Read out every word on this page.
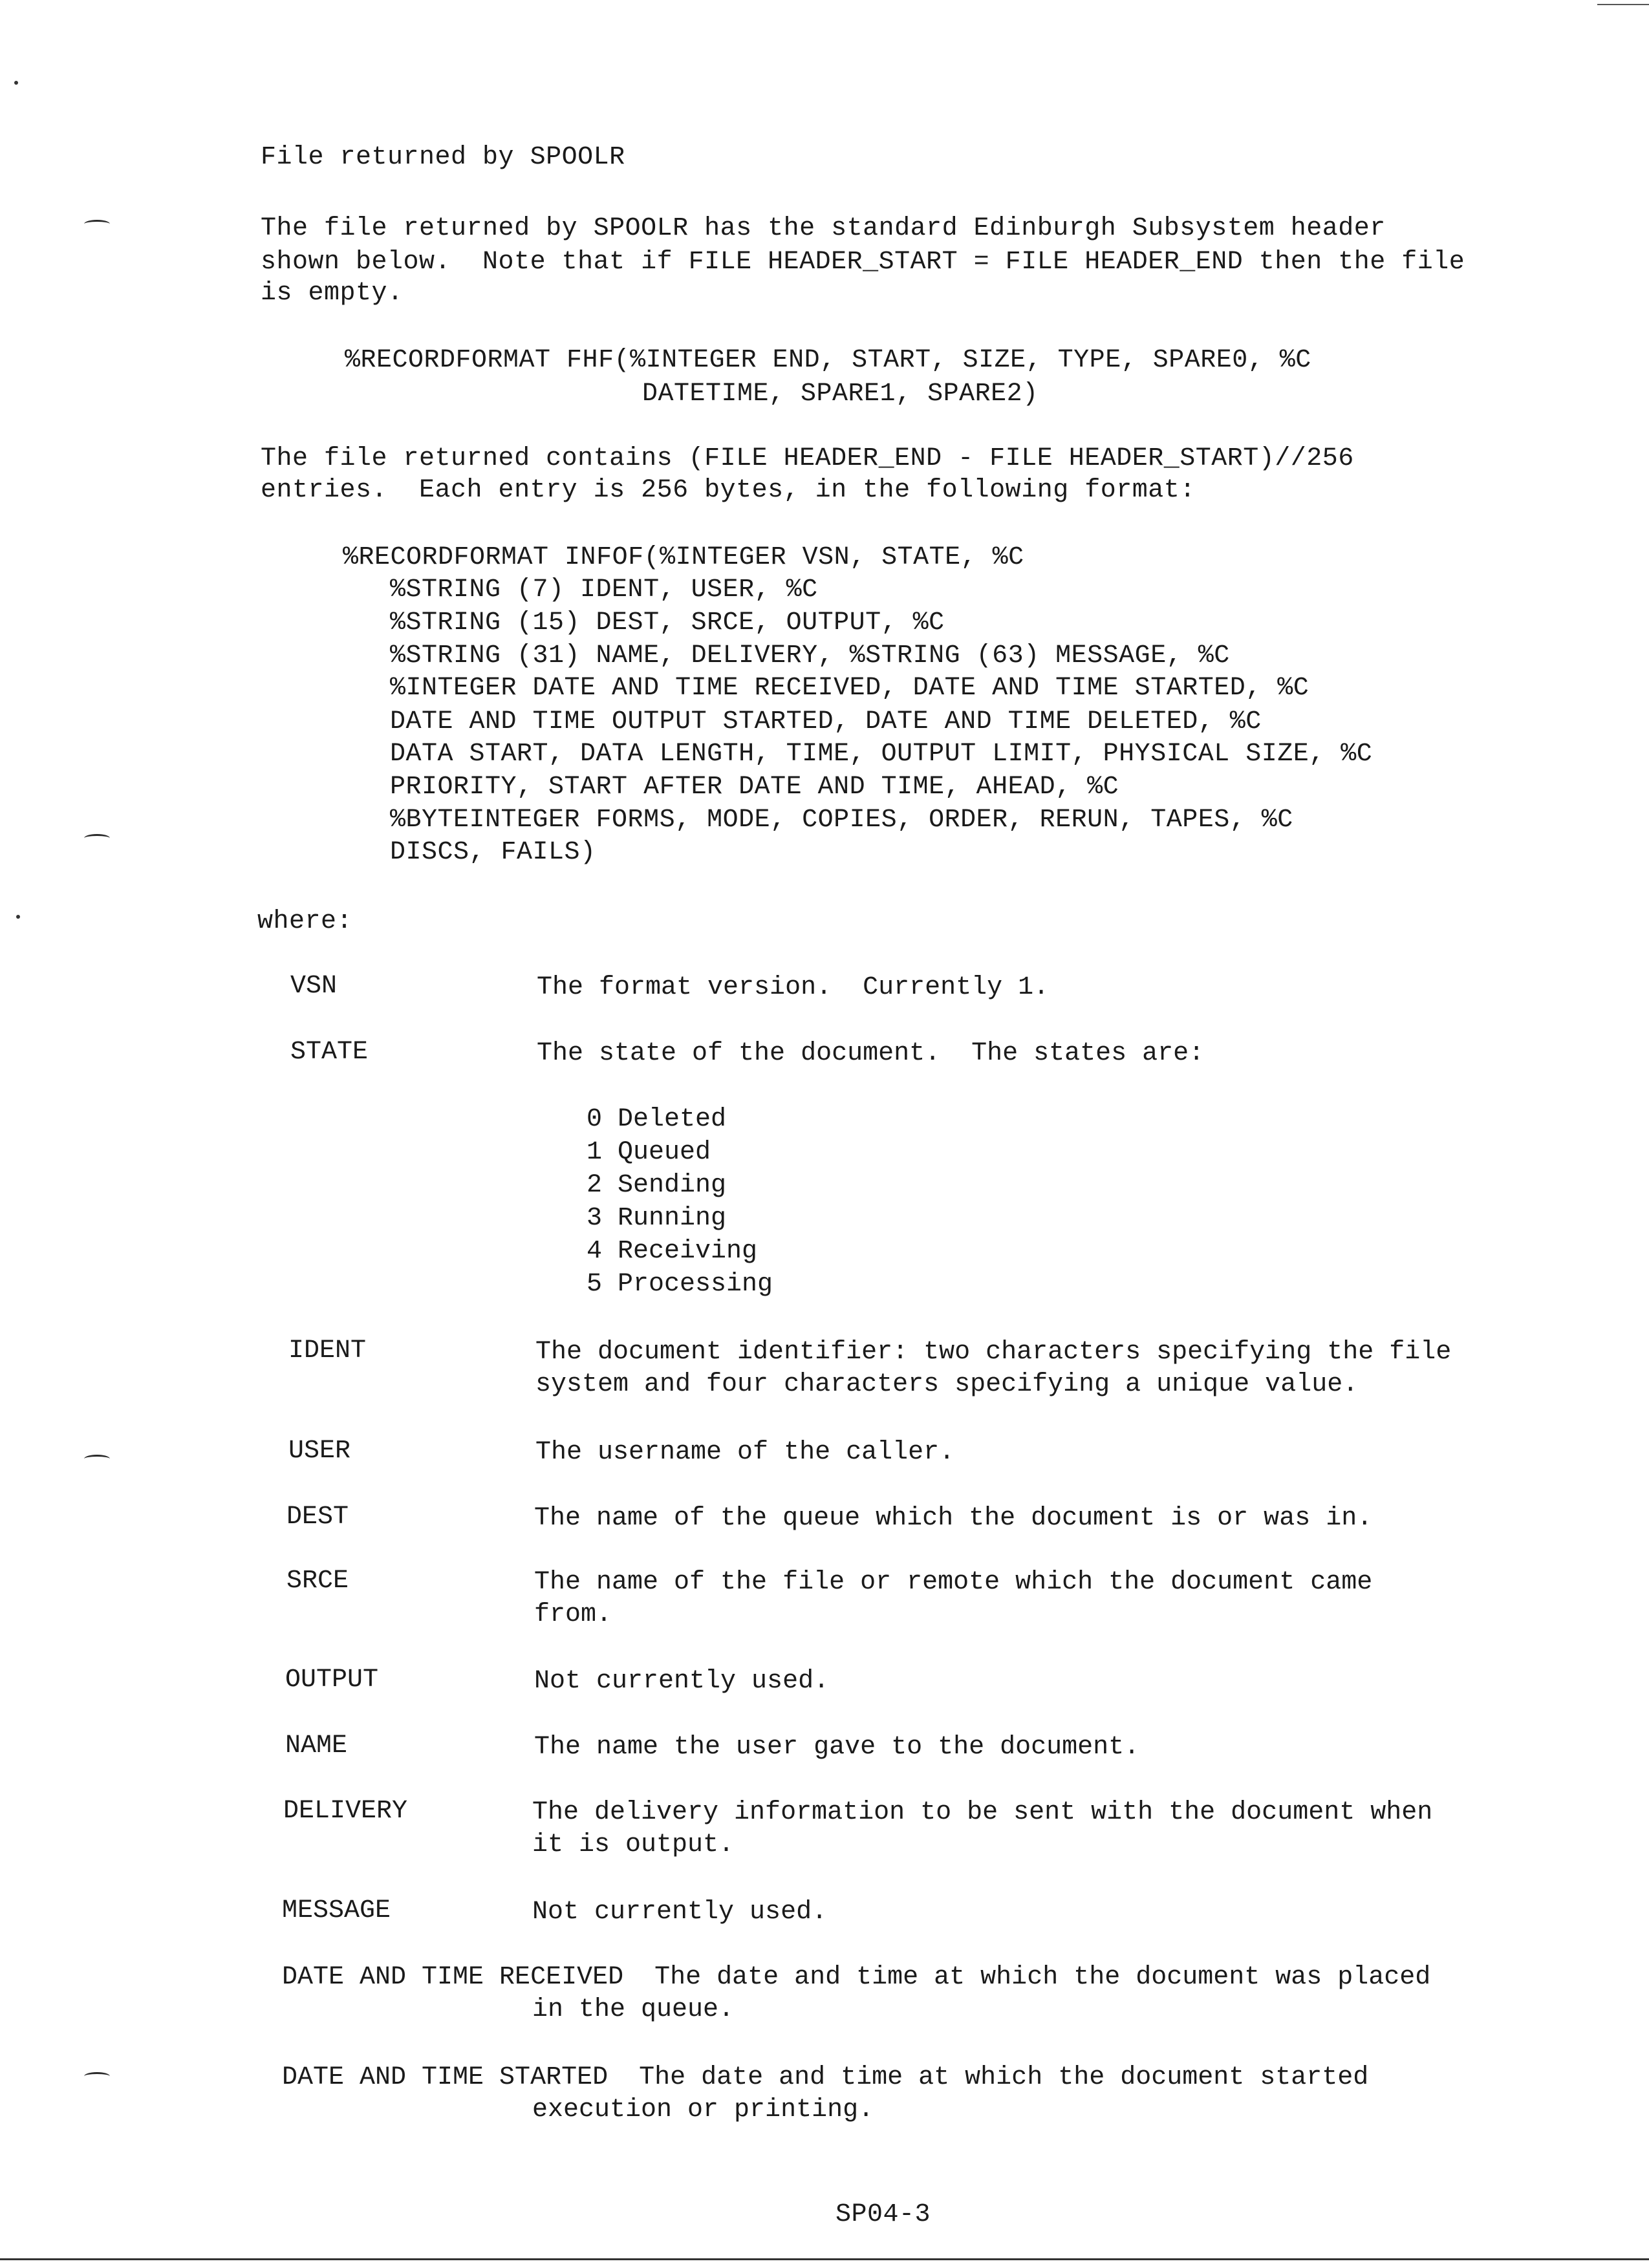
File returned by SPOOLR
The file returned by SPOOLR has the standard Edinburgh Subsystem header
shown below.  Note that if FILE HEADER_START = FILE HEADER_END then the file
is empty.
%RECORDFORMAT FHF(%INTEGER END, START, SIZE, TYPE, SPARE0, %C
DATETIME, SPARE1, SPARE2)
The file returned contains (FILE HEADER_END - FILE HEADER_START)//256
entries.  Each entry is 256 bytes, in the following format:
%RECORDFORMAT INFOF(%INTEGER VSN, STATE, %C
%STRING (7) IDENT, USER, %C
%STRING (15) DEST, SRCE, OUTPUT, %C
%STRING (31) NAME, DELIVERY, %STRING (63) MESSAGE, %C
%INTEGER DATE AND TIME RECEIVED, DATE AND TIME STARTED, %C
DATE AND TIME OUTPUT STARTED, DATE AND TIME DELETED, %C
DATA START, DATA LENGTH, TIME, OUTPUT LIMIT, PHYSICAL SIZE, %C
PRIORITY, START AFTER DATE AND TIME, AHEAD, %C
%BYTEINTEGER FORMS, MODE, COPIES, ORDER, RERUN, TAPES, %C
DISCS, FAILS)
where:
VSN	The format version.  Currently 1.
STATE	The state of the document.  The states are:
0 Deleted
1 Queued
2 Sending
3 Running
4 Receiving
5 Processing
IDENT	The document identifier: two characters specifying the file
system and four characters specifying a unique value.
USER	The username of the caller.
DEST	The name of the queue which the document is or was in.
SRCE	The name of the file or remote which the document came
from.
OUTPUT	Not currently used.
NAME	The name the user gave to the document.
DELIVERY	The delivery information to be sent with the document when
it is output.
MESSAGE	Not currently used.
DATE AND TIME RECEIVED  The date and time at which the document was placed
in the queue.
DATE AND TIME STARTED  The date and time at which the document started
execution or printing.
SP04-3
